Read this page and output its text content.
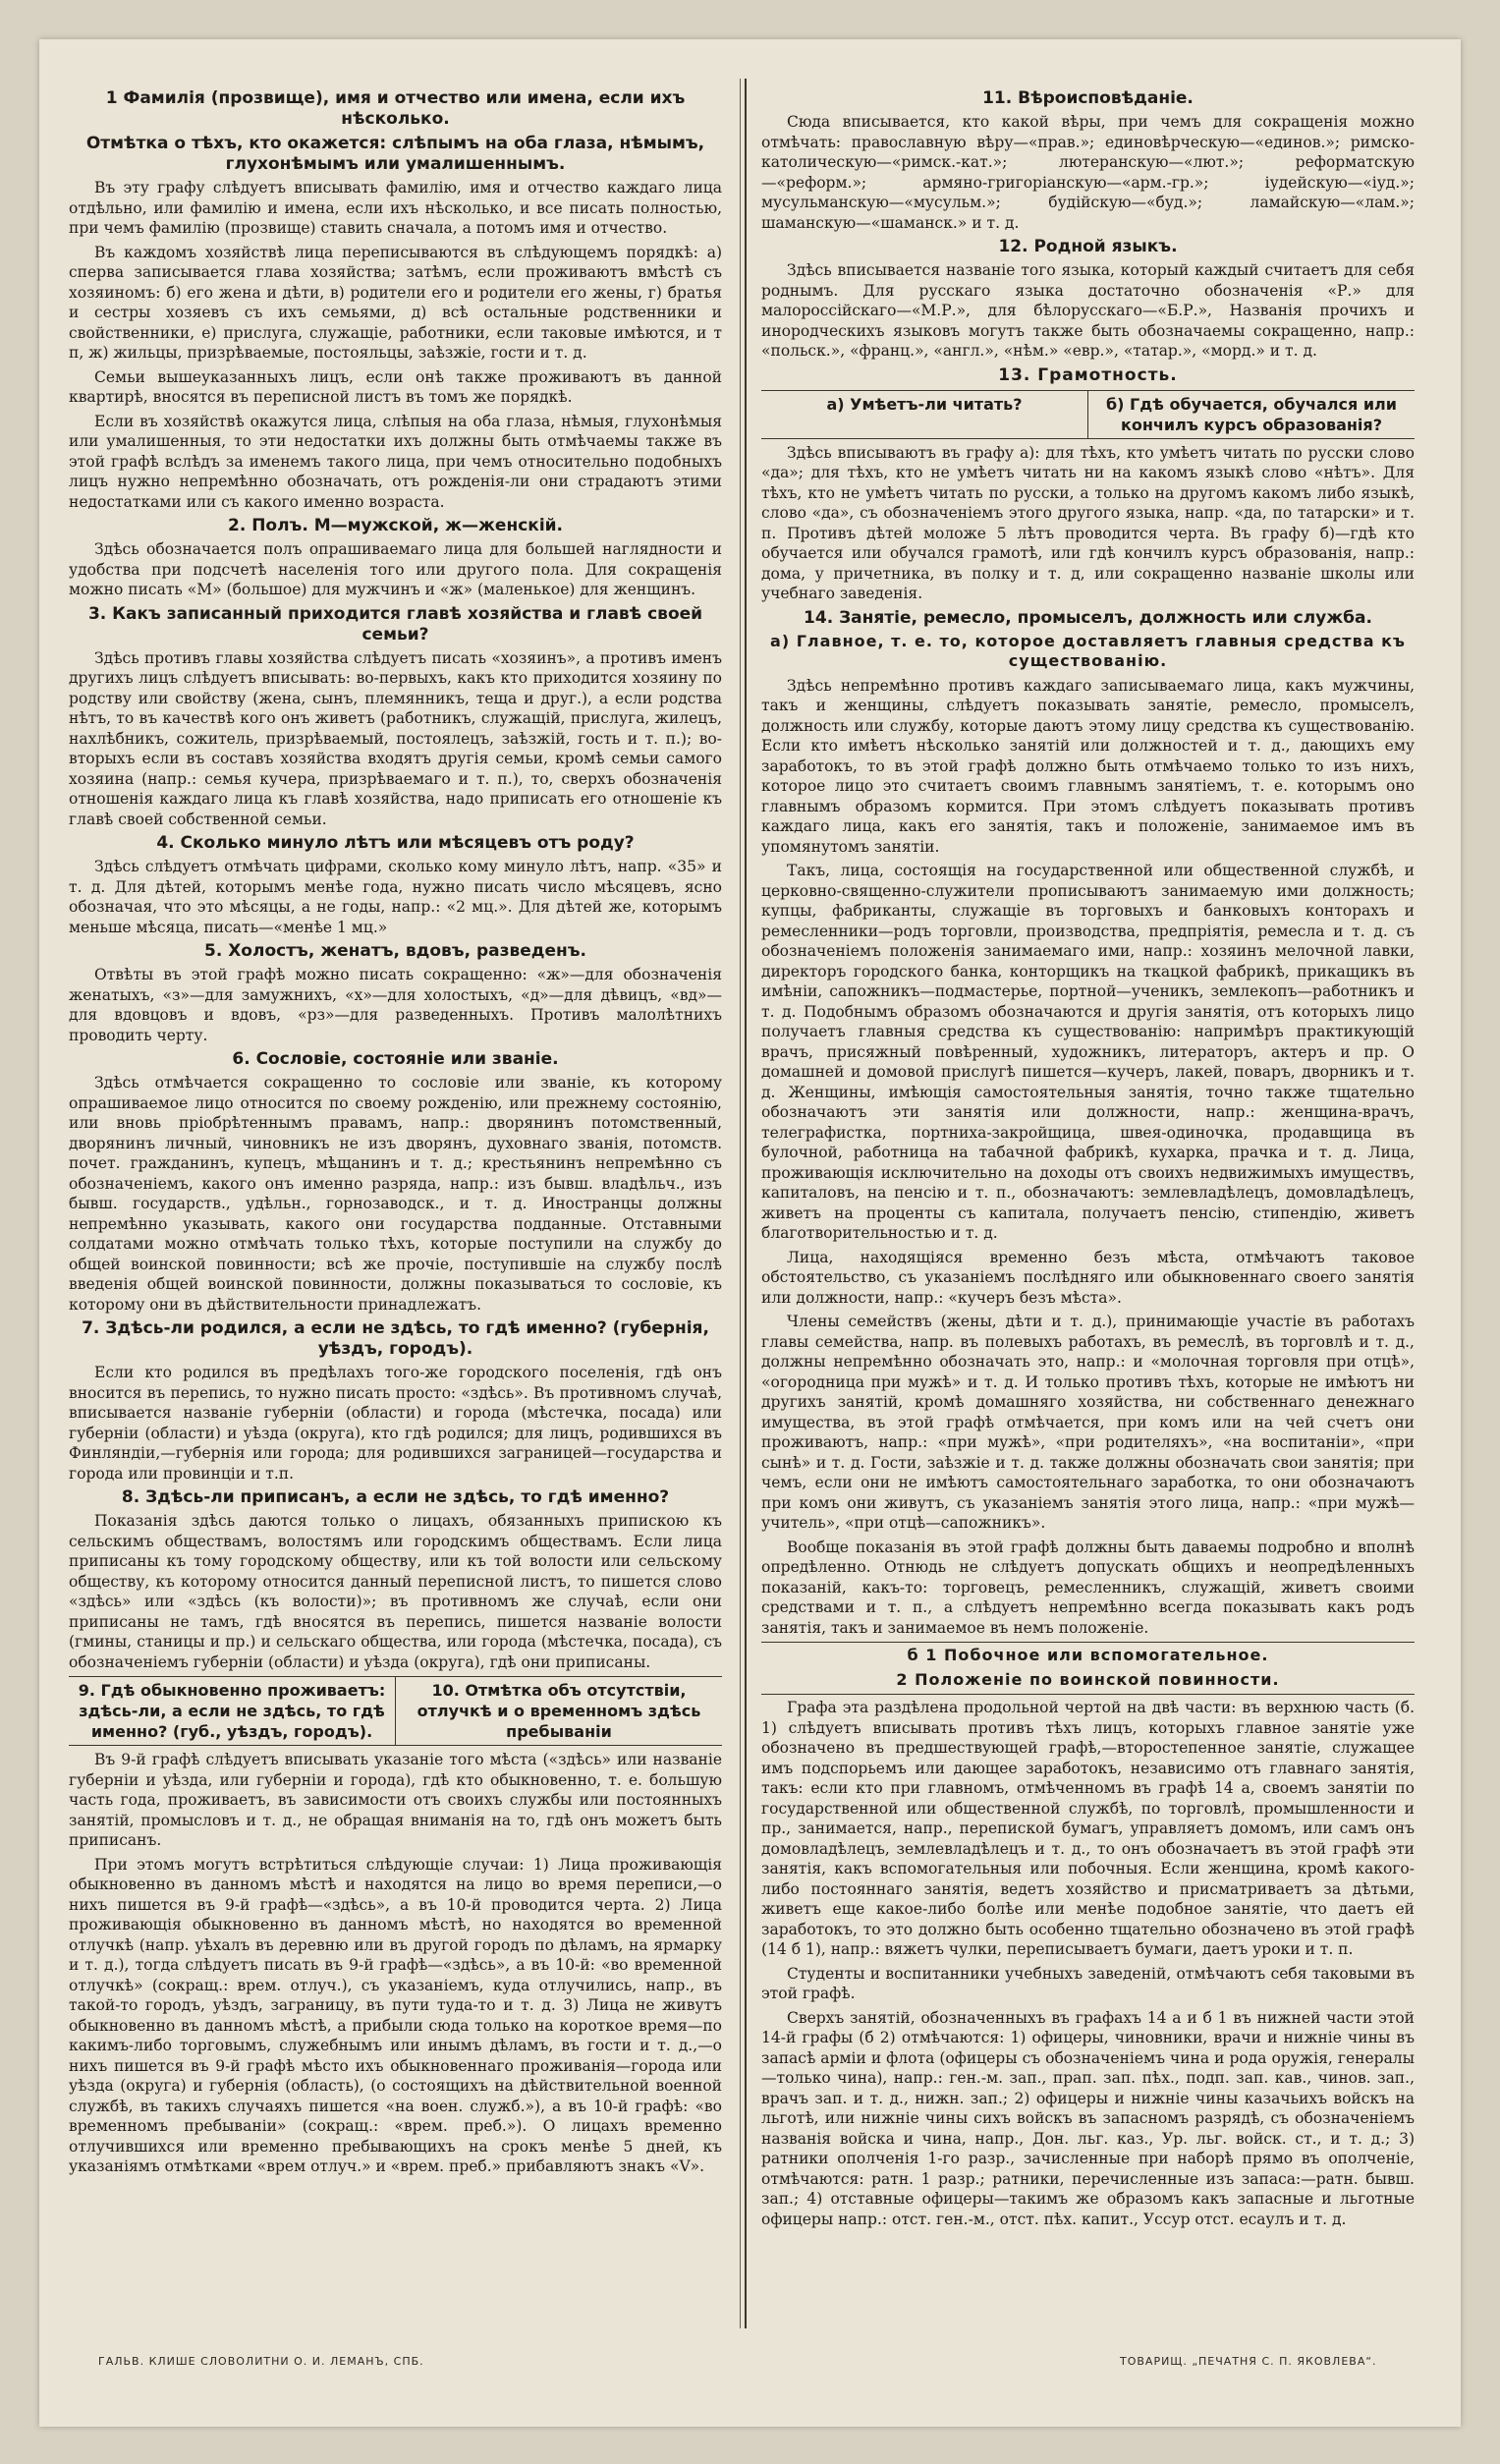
1 Фамилія (прозвище), имя и отчество или имена, если ихъ нѣсколько.
Отмѣтка о тѣхъ, кто окажется: слѣпымъ на оба глаза, нѣмымъ, глухонѣмымъ или умалишеннымъ.

Въ эту графу слѣдуетъ вписывать фамилію, имя и отчество каждаго лица отдѣльно, или фамилію и имена, если ихъ нѣсколько, и все писать полностью, при чемъ фамилію (прозвище) ставить сначала, а потомъ имя и отчество.

Въ каждомъ хозяйствѣ лица переписываются въ слѣдующемъ порядкѣ: а) сперва записывается глава хозяйства; затѣмъ, если проживаютъ вмѣстѣ съ хозяиномъ: б) его жена и дѣти, в) родители его и родители его жены, г) братья и сестры хозяевъ съ ихъ семьями, д) всѣ остальные родственники и свойственники, е) прислуга, служащіе, работники, если таковые имѣются, и т п, ж) жильцы, призрѣваемые, постояльцы, заѣзжіе, гости и т. д.

Семьи вышеуказанныхъ лицъ, если онѣ также проживаютъ въ данной квартирѣ, вносятся въ переписной листъ въ томъ же порядкѣ.

Если въ хозяйствѣ окажутся лица, слѣпыя на оба глаза, нѣмыя, глухонѣмыя или умалишенныя, то эти недостатки ихъ должны быть отмѣчаемы также въ этой графѣ вслѣдъ за именемъ такого лица, при чемъ относительно подобныхъ лицъ нужно непремѣнно обозначать, отъ рожденія-ли они страдаютъ этими недостатками или съ какого именно возраста.

2. Полъ. М—мужской, ж—женскій.

Здѣсь обозначается полъ опрашиваемаго лица для большей наглядности и удобства при подсчетѣ населенія того или другого пола. Для сокращенія можно писать «М» (большое) для мужчинъ и «ж» (маленькое) для женщинъ.

3. Какъ записанный приходится главѣ хозяйства и главѣ своей семьи?

Здѣсь противъ главы хозяйства слѣдуетъ писать «хозяинъ», а противъ именъ другихъ лицъ слѣдуетъ вписывать: во-первыхъ, какъ кто приходится хозяину по родству или свойству (жена, сынъ, племянникъ, теща и друг.), а если родства нѣтъ, то въ качествѣ кого онъ живетъ (работникъ, служащій, прислуга, жилецъ, нахлѣбникъ, сожитель, призрѣваемый, постоялецъ, заѣзжій, гость и т. п.); во-вторыхъ если въ составъ хозяйства входятъ другія семьи, кромѣ семьи самого хозяина (напр.: семья кучера, призрѣваемаго и т. п.), то, сверхъ обозначенія отношенія каждаго лица къ главѣ хозяйства, надо приписать его отношеніе къ главѣ своей собственной семьи.

4. Сколько минуло лѣтъ или мѣсяцевъ отъ роду?

Здѣсь слѣдуетъ отмѣчать цифрами, сколько кому минуло лѣтъ, напр. «35» и т. д. Для дѣтей, которымъ менѣе года, нужно писать число мѣсяцевъ, ясно обозначая, что это мѣсяцы, а не годы, напр.: «2 мц.». Для дѣтей же, которымъ меньше мѣсяца, писать—«менѣе 1 мц.»

5. Холостъ, женатъ, вдовъ, разведенъ.

Отвѣты въ этой графѣ можно писать сокращенно: «ж»—для обозначенія женатыхъ, «з»—для замужнихъ, «х»—для холостыхъ, «д»—для дѣвицъ, «вд»—для вдовцовъ и вдовъ, «рз»—для разведенныхъ. Противъ малолѣтнихъ проводить черту.

6. Сословіе, состояніе или званіе.

Здѣсь отмѣчается сокращенно то сословіе или званіе, къ которому опрашиваемое лицо относится по своему рожденію, или прежнему состоянію, или вновь пріобрѣтеннымъ правамъ, напр.: дворянинъ потомственный, дворянинъ личный, чиновникъ не изъ дворянъ, духовнаго званія, потомств. почет. гражданинъ, купецъ, мѣщанинъ и т. д.; крестьянинъ непремѣнно съ обозначеніемъ, какого онъ именно разряда, напр.: изъ бывш. владѣльч., изъ бывш. государств., удѣльн., горнозаводск., и т. д. Иностранцы должны непремѣнно указывать, какого они государства подданные. Отставными солдатами можно отмѣчать только тѣхъ, которые поступили на службу до общей воинской повинности; всѣ же прочіе, поступившіе на службу послѣ введенія общей воинской повинности, должны показываться то сословіе, къ которому они въ дѣйствительности принадлежатъ.

7. Здѣсь-ли родился, а если не здѣсь, то гдѣ именно? (губернія, уѣздъ, городъ).

Если кто родился въ предѣлахъ того-же городского поселенія, гдѣ онъ вносится въ перепись, то нужно писать просто: «здѣсь». Въ противномъ случаѣ, вписывается названіе губерніи (области) и города (мѣстечка, посада) или губерніи (области) и уѣзда (округа), кто гдѣ родился; для лицъ, родившихся въ Финляндіи,—губернія или города; для родившихся заграницей—государства и города или провинціи и т.п.

8. Здѣсь-ли приписанъ, а если не здѣсь, то гдѣ именно?

Показанія здѣсь даются только о лицахъ, обязанныхъ припискою къ сельскимъ обществамъ, волостямъ или городскимъ обществамъ. Если лица приписаны къ тому городскому обществу, или къ той волости или сельскому обществу, къ которому относится данный переписной листъ, то пишется слово «здѣсь» или «здѣсь (къ волости)»; въ противномъ же случаѣ, если они приписаны не тамъ, гдѣ вносятся въ перепись, пишется названіе волости (гмины, станицы и пр.) и сельскаго общества, или города (мѣстечка, посада), съ обозначеніемъ губерніи (области) и уѣзда (округа), гдѣ они приписаны.

9. Гдѣ обыкновенно проживаетъ: здѣсь-ли, а если не здѣсь, то гдѣ именно? (губ., уѣздъ, городъ).
10. Отмѣтка объ отсутствіи, отлучкѣ и о временномъ здѣсь пребываніи

Въ 9-й графѣ слѣдуетъ вписывать указаніе того мѣста («здѣсь» или названіе губерніи и уѣзда, или губерніи и города), гдѣ кто обыкновенно, т. е. большую часть года, проживаетъ, въ зависимости отъ своихъ службы или постоянныхъ занятій, промысловъ и т. д., не обращая вниманія на то, гдѣ онъ можетъ быть приписанъ.

При этомъ могутъ встрѣтиться слѣдующіе случаи: 1) Лица проживающія обыкновенно въ данномъ мѣстѣ и находятся на лицо во время переписи,—о нихъ пишется въ 9-й графѣ—«здѣсь», а въ 10-й проводится черта. 2) Лица проживающія обыкновенно въ данномъ мѣстѣ, но находятся во временной отлучкѣ (напр. уѣхалъ въ деревню или въ другой городъ по дѣламъ, на ярмарку и т. д.), тогда слѣдуетъ писать въ 9-й графѣ—«здѣсь», а въ 10-й: «во временной отлучкѣ» (сокращ.: врем. отлуч.), съ указаніемъ, куда отлучились, напр., въ такой-то городъ, уѣздъ, заграницу, въ пути туда-то и т. д. 3) Лица не живутъ обыкновенно въ данномъ мѣстѣ, а прибыли сюда только на короткое время—по какимъ-либо торговымъ, служебнымъ или инымъ дѣламъ, въ гости и т. д.,—о нихъ пишется въ 9-й графѣ мѣсто ихъ обыкновеннаго проживанія—города или уѣзда (округа) и губернія (область), (о состоящихъ на дѣйствительной военной службѣ, въ такихъ случаяхъ пишется «на воен. служб.»), а въ 10-й графѣ: «во временномъ пребываніи» (сокращ.: «врем. преб.»). О лицахъ временно отлучившихся или временно пребывающихъ на срокъ менѣе 5 дней, къ указаніямъ отмѣтками «врем отлуч.» и «врем. преб.» прибавляютъ знакъ «V».

11. Вѣроисповѣданіе.

Сюда вписывается, кто какой вѣры, при чемъ для сокращенія можно отмѣчать: православную вѣру—«прав.»; единовѣрческую—«единов.»; римско-католическую—«римск.-кат.»; лютеранскую—«лют.»; реформатскую—«реформ.»; армяно-григоріанскую—«арм.-гр.»; іудейскую—«іуд.»; мусульманскую—«мусульм.»; будійскую—«буд.»; ламайскую—«лам.»; шаманскую—«шаманск.» и т. д.

12. Родной языкъ.

Здѣсь вписывается названіе того языка, который каждый считаетъ для себя роднымъ. Для русскаго языка достаточно обозначенія «Р.» для малороссійскаго—«М.Р.», для бѣлорусскаго—«Б.Р.», Названія прочихъ и инородческихъ языковъ могутъ также быть обозначаемы сокращенно, напр.: «польск.», «франц.», «англ.», «нѣм.» «евр.», «татар.», «морд.» и т. д.

13. Грамотность.
а) Умѣетъ-ли читать?	б) Гдѣ обучается, обучался или кончилъ курсъ образованія?

Здѣсь вписываютъ въ графу а): для тѣхъ, кто умѣетъ читать по русски слово «да»; для тѣхъ, кто не умѣетъ читать ни на какомъ языкѣ слово «нѣтъ». Для тѣхъ, кто не умѣетъ читать по русски, а только на другомъ какомъ либо языкѣ, слово «да», съ обозначеніемъ этого другого языка, напр. «да, по татарски» и т. п. Противъ дѣтей моложе 5 лѣтъ проводится черта. Въ графу б)—гдѣ кто обучается или обучался грамотѣ, или гдѣ кончилъ курсъ образованія, напр.: дома, у причетника, въ полку и т. д, или сокращенно названіе школы или учебнаго заведенія.

14. Занятіе, ремесло, промыселъ, должность или служба.
а) Главное, т. е. то, которое доставляетъ главныя средства къ существованію.

Здѣсь непремѣнно противъ каждаго записываемаго лица, какъ мужчины, такъ и женщины, слѣдуетъ показывать занятіе, ремесло, промыселъ, должность или службу, которые даютъ этому лицу средства къ существованію. Если кто имѣетъ нѣсколько занятій или должностей и т. д., дающихъ ему заработокъ, то въ этой графѣ должно быть отмѣчаемо только то изъ нихъ, которое лицо это считаетъ своимъ главнымъ занятіемъ, т. е. которымъ оно главнымъ образомъ кормится. При этомъ слѣдуетъ показывать противъ каждаго лица, какъ его занятія, такъ и положеніе, занимаемое имъ въ упомянутомъ занятіи.

Такъ, лица, состоящія на государственной или общественной службѣ, и церковно-священно-служители прописываютъ занимаемую ими должность; купцы, фабриканты, служащіе въ торговыхъ и банковыхъ конторахъ и ремесленники—родъ торговли, производства, предпріятія, ремесла и т. д. съ обозначеніемъ положенія занимаемаго ими, напр.: хозяинъ мелочной лавки, директоръ городского банка, конторщикъ на ткацкой фабрикѣ, прикащикъ въ имѣніи, сапожникъ—подмастерье, портной—ученикъ, землекопъ—работникъ и т. д. Подобнымъ образомъ обозначаются и другія занятія, отъ которыхъ лицо получаетъ главныя средства къ существованію: напримѣръ практикующій врачъ, присяжный повѣренный, художникъ, литераторъ, актеръ и пр. О домашней и домовой прислугѣ пишется—кучеръ, лакей, поваръ, дворникъ и т. д. Женщины, имѣющія самостоятельныя занятія, точно также тщательно обозначаютъ эти занятія или должности, напр.: женщина-врачъ, телеграфистка, портниха-закройщица, швея-одиночка, продавщица въ булочной, работница на табачной фабрикѣ, кухарка, прачка и т. д. Лица, проживающія исключительно на доходы отъ своихъ недвижимыхъ имуществъ, капиталовъ, на пенсію и т. п., обозначаютъ: землевладѣлецъ, домовладѣлецъ, живетъ на проценты съ капитала, получаетъ пенсію, стипендію, живетъ благотворительностью и т. д.

Лица, находящіяся временно безъ мѣста, отмѣчаютъ таковое обстоятельство, съ указаніемъ послѣдняго или обыкновеннаго своего занятія или должности, напр.: «кучеръ безъ мѣста».

Члены семействъ (жены, дѣти и т. д.), принимающіе участіе въ работахъ главы семейства, напр. въ полевыхъ работахъ, въ ремеслѣ, въ торговлѣ и т. д., должны непремѣнно обозначать это, напр.: и «молочная торговля при отцѣ», «огородница при мужѣ» и т. д. И только противъ тѣхъ, которые не имѣютъ ни другихъ занятій, кромѣ домашняго хозяйства, ни собственнаго денежнаго имущества, въ этой графѣ отмѣчается, при комъ или на чей счетъ они проживаютъ, напр.: «при мужѣ», «при родителяхъ», «на воспитаніи», «при сынѣ» и т. д. Гости, заѣзжіе и т. д. также должны обозначать свои занятія; при чемъ, если они не имѣютъ самостоятельнаго заработка, то они обозначаютъ при комъ они живутъ, съ указаніемъ занятія этого лица, напр.: «при мужѣ—учитель», «при отцѣ—сапожникъ».

Вообще показанія въ этой графѣ должны быть даваемы подробно и вполнѣ опредѣленно. Отнюдь не слѣдуетъ допускать общихъ и неопредѣленныхъ показаній, какъ-то: торговецъ, ремесленникъ, служащій, живетъ своими средствами и т. п., а слѣдуетъ непремѣнно всегда показывать какъ родъ занятія, такъ и занимаемое въ немъ положеніе.

б 1 Побочное или вспомогательное.
2 Положеніе по воинской повинности.

Графа эта раздѣлена продольной чертой на двѣ части: въ верхнюю часть (б. 1) слѣдуетъ вписывать противъ тѣхъ лицъ, которыхъ главное занятіе уже обозначено въ предшествующей графѣ,—второстепенное занятіе, служащее имъ подспорьемъ или дающее заработокъ, независимо отъ главнаго занятія, такъ: если кто при главномъ, отмѣченномъ въ графѣ 14 а, своемъ занятіи по государственной или общественной службѣ, по торговлѣ, промышленности и пр., занимается, напр., перепиской бумагъ, управляетъ домомъ, или самъ онъ домовладѣлецъ, землевладѣлецъ и т. д., то онъ обозначаетъ въ этой графѣ эти занятія, какъ вспомогательныя или побочныя. Если женщина, кромѣ какого-либо постояннаго занятія, ведетъ хозяйство и присматриваетъ за дѣтьми, живетъ еще какое-либо болѣе или менѣе подобное занятіе, что даетъ ей заработокъ, то это должно быть особенно тщательно обозначено въ этой графѣ (14 б 1), напр.: вяжетъ чулки, переписываетъ бумаги, даетъ уроки и т. п.

Студенты и воспитанники учебныхъ заведеній, отмѣчаютъ себя таковыми въ этой графѣ.

Сверхъ занятій, обозначенныхъ въ графахъ 14 а и б 1 въ нижней части этой 14-й графы (б 2) отмѣчаются: 1) офицеры, чиновники, врачи и нижніе чины въ запасѣ арміи и флота (офицеры съ обозначеніемъ чина и рода оружія, генералы—только чина), напр.: ген.-м. зап., прап. зап. пѣх., подп. зап. кав., чинов. зап., врачъ зап. и т. д., нижн. зап.; 2) офицеры и нижніе чины казачьихъ войскъ на льготѣ, или нижніе чины сихъ войскъ въ запасномъ разрядѣ, съ обозначеніемъ названія войска и чина, напр., Дон. льг. каз., Ур. льг. войск. ст., и т. д.; 3) ратники ополченія 1-го разр., зачисленные при наборѣ прямо въ ополченіе, отмѣчаются: ратн. 1 разр.; ратники, перечисленные изъ запаса:—ратн. бывш. зап.; 4) отставные офицеры—такимъ же образомъ какъ запасные и льготные офицеры напр.: отст. ген.-м., отст. пѣх. капит., Уссур отст. есаулъ и т. д.

ГАЛЬВ. КЛИШЕ СЛОВОЛИТНИ О. И. ЛЕМАНЪ, СПБ.	ТОВАРИЩ. „ПЕЧАТНЯ С. П. ЯКОВЛЕВА“.
